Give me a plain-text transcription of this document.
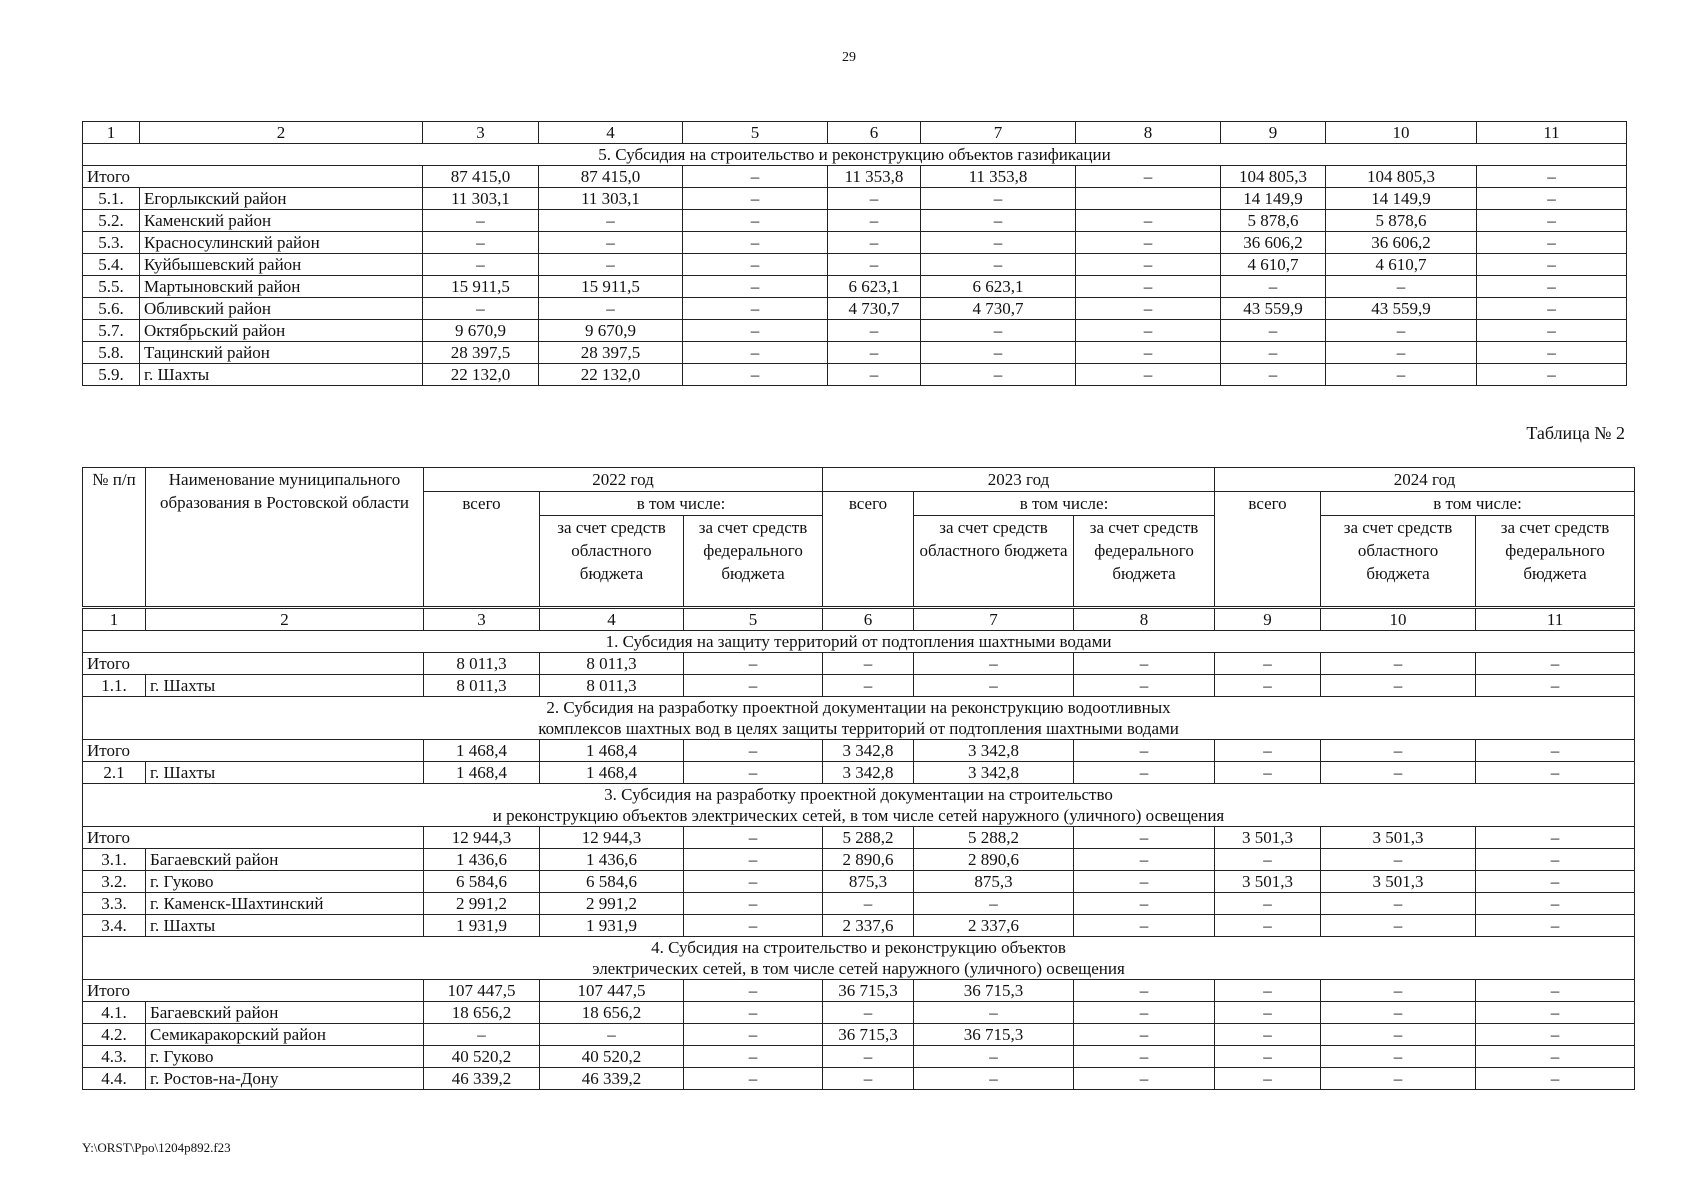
29
1	2	3	4	5	6	7	8	9	10	11
5. Субсидия на строительство и реконструкцию объектов газификации										
Итого		87 415,0	87 415,0	–	11 353,8	11 353,8	–	104 805,3	104 805,3	–
5.1.	Егорлыкский район	11 303,1	11 303,1	–	–	–		14 149,9	14 149,9	–
5.2.	Каменский район	–	–	–	–	–	–	5 878,6	5 878,6	–
5.3.	Красносулинский район	–	–	–	–	–	–	36 606,2	36 606,2	–
5.4.	Куйбышевский район	–	–	–	–	–	–	4 610,7	4 610,7	–
5.5.	Мартыновский район	15 911,5	15 911,5	–	6 623,1	6 623,1	–	–	–	–
5.6.	Обливский район	–	–	–	4 730,7	4 730,7	–	43 559,9	43 559,9	–
5.7.	Октябрьский район	9 670,9	9 670,9	–	–	–	–	–	–	–
5.8.	Тацинский район	28 397,5	28 397,5	–	–	–	–	–	–	–
5.9.	г. Шахты	22 132,0	22 132,0	–	–	–	–	–	–	–
Таблица № 2
№ п/п	Наименование муниципального образования в Ростовской области	2022 год			2023 год			2024 год		
		всего	в том числе:		всего	в том числе:		всего	в том числе:	
			за счет средств областного бюджета	за счет средств федерального бюджета		за счет средств областного бюджета	за счет средств федерального бюджета		за счет средств областного бюджета	за счет средств федерального бюджета
1	2	3	4	5	6	7	8	9	10	11

1. Субсидия на защиту территорий от подтопления шахтными водами										

Итого		8 011,3	8 011,3	–	–	–	–	–	–	–
1.1.	г. Шахты	8 011,3	8 011,3	–	–	–	–	–	–	–

2. Субсидия на разработку проектной документации на реконструкцию водоотливных
комплексов шахтных вод в целях защиты территорий от подтопления шахтными водами										

Итого		1 468,4	1 468,4	–	3 342,8	3 342,8	–	–	–	–
2.1	г. Шахты	1 468,4	1 468,4	–	3 342,8	3 342,8	–	–	–	–

3. Субсидия на разработку проектной документации на строительство
и реконструкцию объектов электрических сетей, в том числе сетей наружного (уличного) освещения										

Итого		12 944,3	12 944,3	–	5 288,2	5 288,2	–	3 501,3	3 501,3	–
3.1.	Багаевский район	1 436,6	1 436,6	–	2 890,6	2 890,6	–	–	–	–
3.2.	г. Гуково	6 584,6	6 584,6	–	875,3	875,3	–	3 501,3	3 501,3	–
3.3.	г. Каменск-Шахтинский	2 991,2	2 991,2	–	–	–	–	–	–	–
3.4.	г. Шахты	1 931,9	1 931,9	–	2 337,6	2 337,6	–	–	–	–

4. Субсидия на строительство и реконструкцию объектов
электрических сетей, в том числе сетей наружного (уличного) освещения										

Итого		107 447,5	107 447,5	–	36 715,3	36 715,3	–	–	–	–
4.1.	Багаевский район	18 656,2	18 656,2	–	–	–	–	–	–	–
4.2.	Семикаракорский район	–	–	–	36 715,3	36 715,3	–	–	–	–
4.3.	г. Гуково	40 520,2	40 520,2	–	–	–	–	–	–	–
4.4.	г. Ростов-на-Дону	46 339,2	46 339,2	–	–	–	–	–	–	–
Y:\ORST\Ppo\1204p892.f23
